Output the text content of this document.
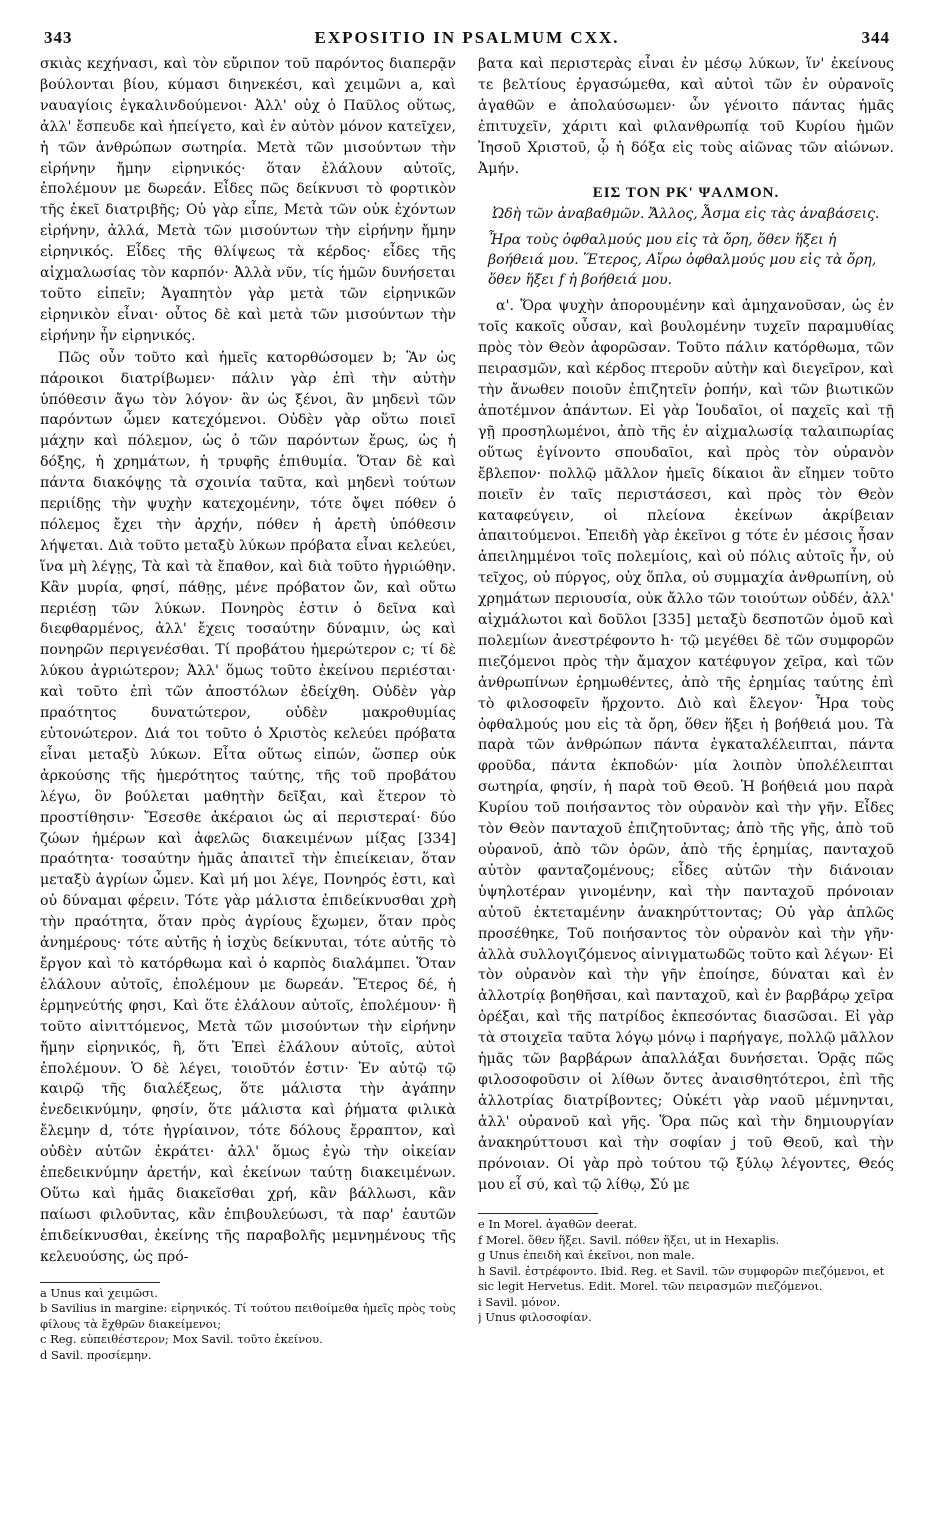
343	EXPOSITIO IN PSALMUM CXX.	344

σκιὰς κεχήνασι, καὶ τὸν εὔριπον τοῦ παρόντος διαπερᾷν βούλονται βίου, κύμασι διηνεκέσι, καὶ χειμῶνι a, καὶ ναυαγίοις ἐγκαλινδούμενοι· Ἀλλ' οὐχ ὁ Παῦλος οὕτως, ἀλλ' ἔσπευδε καὶ ἠπείγετο, καὶ ἐν αὐτὸν μόνον κατεῖχεν, ἡ τῶν ἀνθρώπων σωτηρία. Μετὰ τῶν μισούντων τὴν εἰρήνην ἤμην εἰρηνικός· ὅταν ἐλάλουν αὐτοῖς, ἐπολέμουν με δωρεάν. Εἶδες πῶς δείκνυσι τὸ φορτικὸν τῆς ἐκεῖ διατριβῆς; Οὐ γὰρ εἶπε, Μετὰ τῶν οὐκ ἐχόντων εἰρήνην, ἀλλά, Μετὰ τῶν μισούντων τὴν εἰρήνην ἤμην εἰρηνικός. Εἶδες τῆς θλίψεως τὰ κέρδος· εἶδες τῆς αἰχμαλωσίας τὸν καρπόν· Ἀλλὰ νῦν, τίς ἡμῶν δυνήσεται τοῦτο εἰπεῖν; Ἀγαπητὸν γὰρ μετὰ τῶν εἰρηνικῶν εἰρηνικὸν εἶναι· οὗτος δὲ καὶ μετὰ τῶν μισούντων τὴν εἰρήνην ἦν εἰρηνικός.

Πῶς οὖν τοῦτο καὶ ἡμεῖς κατορθώσομεν b; Ἂν ὡς πάροικοι διατρίβωμεν· πάλιν γὰρ ἐπὶ τὴν αὐτὴν ὑπόθεσιν ἄγω τὸν λόγον· ἂν ὡς ξένοι, ἂν μηδενὶ τῶν παρόντων ὦμεν κατεχόμενοι. Οὐδὲν γὰρ οὕτω ποιεῖ μάχην καὶ πόλεμον, ὡς ὁ τῶν παρόντων ἔρως, ὡς ἡ δόξης, ἡ χρημάτων, ἡ τρυφῆς ἐπιθυμία. Ὅταν δὲ καὶ πάντα διακόψῃς τὰ σχοινία ταῦτα, καὶ μηδενὶ τούτων περιίδῃς τὴν ψυχὴν κατεχομένην, τότε ὄψει πόθεν ὁ πόλεμος ἔχει τὴν ἀρχήν, πόθεν ἡ ἀρετὴ ὑπόθεσιν λήψεται. Διὰ τοῦτο μεταξὺ λύκων πρόβατα εἶναι κελεύει, ἵνα μὴ λέγῃς, Τὰ καὶ τὰ ἔπαθον, καὶ διὰ τοῦτο ἠγριώθην. Κἂν μυρία, φησί, πάθῃς, μένε πρόβατον ὤν, καὶ οὕτω περιέσῃ τῶν λύκων. Πονηρὸς ἐστιν ὁ δεῖνα καὶ διεφθαρμένος, ἀλλ' ἔχεις τοσαύτην δύναμιν, ὡς καὶ πονηρῶν περιγενέσθαι. Τί προβάτου ἡμερώτερον c; τί δὲ λύκου ἀγριώτερον; Ἀλλ' ὅμως τοῦτο ἐκείνου περιέσται· καὶ τοῦτο ἐπὶ τῶν ἀποστόλων ἐδείχθη. Οὐδὲν γὰρ πραότητος δυνατώτερον, οὐδὲν μακροθυμίας εὐτονώτερον. Διά τοι τοῦτο ὁ Χριστὸς κελεύει πρόβατα εἶναι μεταξὺ λύκων. Εἶτα οὕτως εἰπών, ὥσπερ οὐκ ἀρκούσης τῆς ἡμερότητος ταύτης, τῆς τοῦ προβάτου λέγω, ὃν βούλεται μαθητὴν δεῖξαι, καὶ ἕτερον τὸ προστίθησιν· Ἔσεσθε ἀκέραιοι ὡς αἱ περιστεραί· δύο ζώων ἡμέρων καὶ ἀφελῶς διακειμένων μίξας [334] πραότητα· τοσαύτην ἡμᾶς ἀπαιτεῖ τὴν ἐπιείκειαν, ὅταν μεταξὺ ἀγρίων ὦμεν. Καὶ μή μοι λέγε, Πονηρός ἐστι, καὶ οὐ δύναμαι φέρειν. Τότε γὰρ μάλιστα ἐπιδείκνυσθαι χρὴ τὴν πραότητα, ὅταν πρὸς ἀγρίους ἔχωμεν, ὅταν πρὸς ἀνημέρους· τότε αὐτῆς ἡ ἰσχὺς δείκνυται, τότε αὐτῆς τὸ ἔργον καὶ τὸ κατόρθωμα καὶ ὁ καρπὸς διαλάμπει. Ὅταν ἐλάλουν αὐτοῖς, ἐπολέμουν με δωρεάν. Ἕτερος δέ, ἡ ἑρμηνεύτής φησι, Καὶ ὅτε ἐλάλουν αὐτοῖς, ἐπολέμουν· ἢ τοῦτο αἰνιττόμενος, Μετὰ τῶν μισούντων τὴν εἰρήνην ἤμην εἰρηνικός, ἢ, ὅτι Ἐπεὶ ἐλάλουν αὐτοῖς, αὐτοὶ ἐπολέμουν. Ὁ δὲ λέγει, τοιοῦτόν ἐστιν· Ἐν αὐτῷ τῷ καιρῷ τῆς διαλέξεως, ὅτε μάλιστα τὴν ἀγάπην ἐνεδεικνύμην, φησίν, ὅτε μάλιστα καὶ ῥήματα φιλικὰ ἔλεμην d, τότε ἠγρίαινον, τότε δόλους ἔρραπτον, καὶ οὐδὲν αὐτῶν ἐκράτει· ἀλλ' ὅμως ἐγὼ τὴν οἰκείαν ἐπεδεικνύμην ἀρετήν, καὶ ἐκείνων ταύτῃ διακειμένων. Οὕτω καὶ ἡμᾶς διακεῖσθαι χρή, κἂν βάλλωσι, κἂν παίωσι φιλοῦντας, κἂν ἐπιβουλεύωσι, τὰ παρ' ἑαυτῶν ἐπιδείκνυσθαι, ἐκείνης τῆς παραβολῆς μεμνημένους τῆς κελευούσης, ὡς πρό-

a Unus καὶ χειμῶσι.
b Savilius in margine: εἰρηνικός. Τί τούτου πειθοίμεθα ἡμεῖς πρὸς τοὺς φίλους τὰ ἔχθρῶν διακείμενοι;
c Reg. εὐπειθέστερον; Mox Savil. τοῦτο ἐκείνου.
d Savil. προσίεμην.

βατα καὶ περιστερὰς εἶναι ἐν μέσῳ λύκων, ἵν' ἐκείνους τε βελτίους ἐργασώμεθα, καὶ αὐτοὶ τῶν ἐν οὐρανοῖς ἀγαθῶν e ἀπολαύσωμεν· ὧν γένοιτο πάντας ἡμᾶς ἐπιτυχεῖν, χάριτι καὶ φιλανθρωπίᾳ τοῦ Κυρίου ἡμῶν Ἰησοῦ Χριστοῦ, ᾧ ἡ δόξα εἰς τοὺς αἰῶνας τῶν αἰώνων. Ἀμήν.

ΕΙΣ ΤΟΝ ΡΚ' ΨΑΛΜΟΝ.
Ὠδὴ τῶν ἀναβαθμῶν. Ἄλλος, Ἆσμα εἰς τὰς ἀναβάσεις.
Ἦρα τοὺς ὀφθαλμούς μου εἰς τὰ ὄρη, ὅθεν ἥξει ἡ βοήθειά μου. Ἕτερος, Αἴρω ὀφθαλμούς μου εἰς τὰ ὄρη, ὅθεν ἥξει f ἡ βοήθειά μου.

α'. Ὅρα ψυχὴν ἀπορουμένην καὶ ἀμηχανοῦσαν, ὡς ἐν τοῖς κακοῖς οὖσαν, καὶ βουλομένην τυχεῖν παραμυθίας πρὸς τὸν Θεὸν ἀφορῶσαν. Τοῦτο πάλιν κατόρθωμα, τῶν πειρασμῶν, καὶ κέρδος πτεροῦν αὐτὴν καὶ διεγεῖρον, καὶ τὴν ἄνωθεν ποιοῦν ἐπιζητεῖν ῥοπήν, καὶ τῶν βιωτικῶν ἀποτέμνον ἁπάντων. Εἰ γὰρ Ἰουδαῖοι, οἱ παχεῖς καὶ τῇ γῇ προσηλωμένοι, ἀπὸ τῆς ἐν αἰχμαλωσίᾳ ταλαιπωρίας οὕτως ἐγίνοντο σπουδαῖοι, καὶ πρὸς τὸν οὐρανὸν ἔβλεπον· πολλῷ μᾶλλον ἡμεῖς δίκαιοι ἂν εἴημεν τοῦτο ποιεῖν ἐν ταῖς περιστάσεσι, καὶ πρὸς τὸν Θεὸν καταφεύγειν, οἱ πλείονα ἐκείνων ἀκρίβειαν ἀπαιτούμενοι. Ἐπειδὴ γὰρ ἐκεῖνοι g τότε ἐν μέσοις ἦσαν ἀπειλημμένοι τοῖς πολεμίοις, καὶ οὐ πόλις αὐτοῖς ἦν, οὐ τεῖχος, οὐ πύργος, οὐχ ὅπλα, οὐ συμμαχία ἀνθρωπίνη, οὐ χρημάτων περιουσία, οὐκ ἄλλο τῶν τοιούτων οὐδέν, ἀλλ' αἰχμάλωτοι καὶ δοῦλοι [335] μεταξὺ δεσποτῶν ὁμοῦ καὶ πολεμίων ἀνεστρέφοντο h· τῷ μεγέθει δὲ τῶν συμφορῶν πιεζόμενοι πρὸς τὴν ἄμαχον κατέφυγον χεῖρα, καὶ τῶν ἀνθρωπίνων ἐρημωθέντες, ἀπὸ τῆς ἐρημίας ταύτης ἐπὶ τὸ φιλοσοφεῖν ἤρχοντο. Διὸ καὶ ἔλεγον· Ἦρα τοὺς ὀφθαλμούς μου εἰς τὰ ὄρη, ὅθεν ἥξει ἡ βοήθειά μου. Τὰ παρὰ τῶν ἀνθρώπων πάντα ἐγκαταλέλειπται, πάντα φροῦδα, πάντα ἐκποδών· μία λοιπὸν ὑπολέλειπται σωτηρία, φησίν, ἡ παρὰ τοῦ Θεοῦ. Ἡ βοήθειά μου παρὰ Κυρίου τοῦ ποιήσαντος τὸν οὐρανὸν καὶ τὴν γῆν. Εἶδες τὸν Θεὸν πανταχοῦ ἐπιζητοῦντας; ἀπὸ τῆς γῆς, ἀπὸ τοῦ οὐρανοῦ, ἀπὸ τῶν ὀρῶν, ἀπὸ τῆς ἐρημίας, πανταχοῦ αὐτὸν φανταζομένους; εἶδες αὐτῶν τὴν διάνοιαν ὑψηλοτέραν γινομένην, καὶ τὴν πανταχοῦ πρόνοιαν αὐτοῦ ἐκτεταμένην ἀνακηρύττοντας; Οὐ γὰρ ἁπλῶς προσέθηκε, Τοῦ ποιήσαντος τὸν οὐρανὸν καὶ τὴν γῆν· ἀλλὰ συλλογιζόμενος αἰνιγματωδῶς τοῦτο καὶ λέγων· Εἰ τὸν οὐρανὸν καὶ τὴν γῆν ἐποίησε, δύναται καὶ ἐν ἀλλοτρίᾳ βοηθῆσαι, καὶ πανταχοῦ, καὶ ἐν βαρβάρῳ χεῖρα ὀρέξαι, καὶ τῆς πατρίδος ἐκπεσόντας διασῶσαι. Εἰ γὰρ τὰ στοιχεῖα ταῦτα λόγῳ μόνῳ i παρήγαγε, πολλῷ μᾶλλον ἡμᾶς τῶν βαρβάρων ἀπαλλάξαι δυνήσεται. Ὁρᾷς πῶς φιλοσοφοῦσιν οἱ λίθων ὄντες ἀναισθητότεροι, ἐπὶ τῆς ἀλλοτρίας διατρίβοντες; Οὐκέτι γὰρ ναοῦ μέμνηνται, ἀλλ' οὐρανοῦ καὶ γῆς. Ὅρα πῶς καὶ τὴν δημιουργίαν ἀνακηρύττουσι καὶ τὴν σοφίαν j τοῦ Θεοῦ, καὶ τὴν πρόνοιαν. Οἱ γὰρ πρὸ τούτου τῷ ξύλῳ λέγοντες, Θεός μου εἶ σύ, καὶ τῷ λίθῳ, Σύ με

e In Morel. ἀγαθῶν deerat.
f Morel. ὅθεν ἥξει. Savil. πόθεν ἥξει, ut in Hexaplis.
g Unus ἐπειδὴ καὶ ἐκεῖνοι, non male.
h Savil. ἐστρέφοντο. Ibid. Reg. et Savil. τῶν συμφορῶν πιεζόμενοι, et sic legit Hervetus. Edit. Morel. τῶν πειρασμῶν πιεζόμενοι.
i Savil. μόνον.
j Unus φιλοσοφίαν.
